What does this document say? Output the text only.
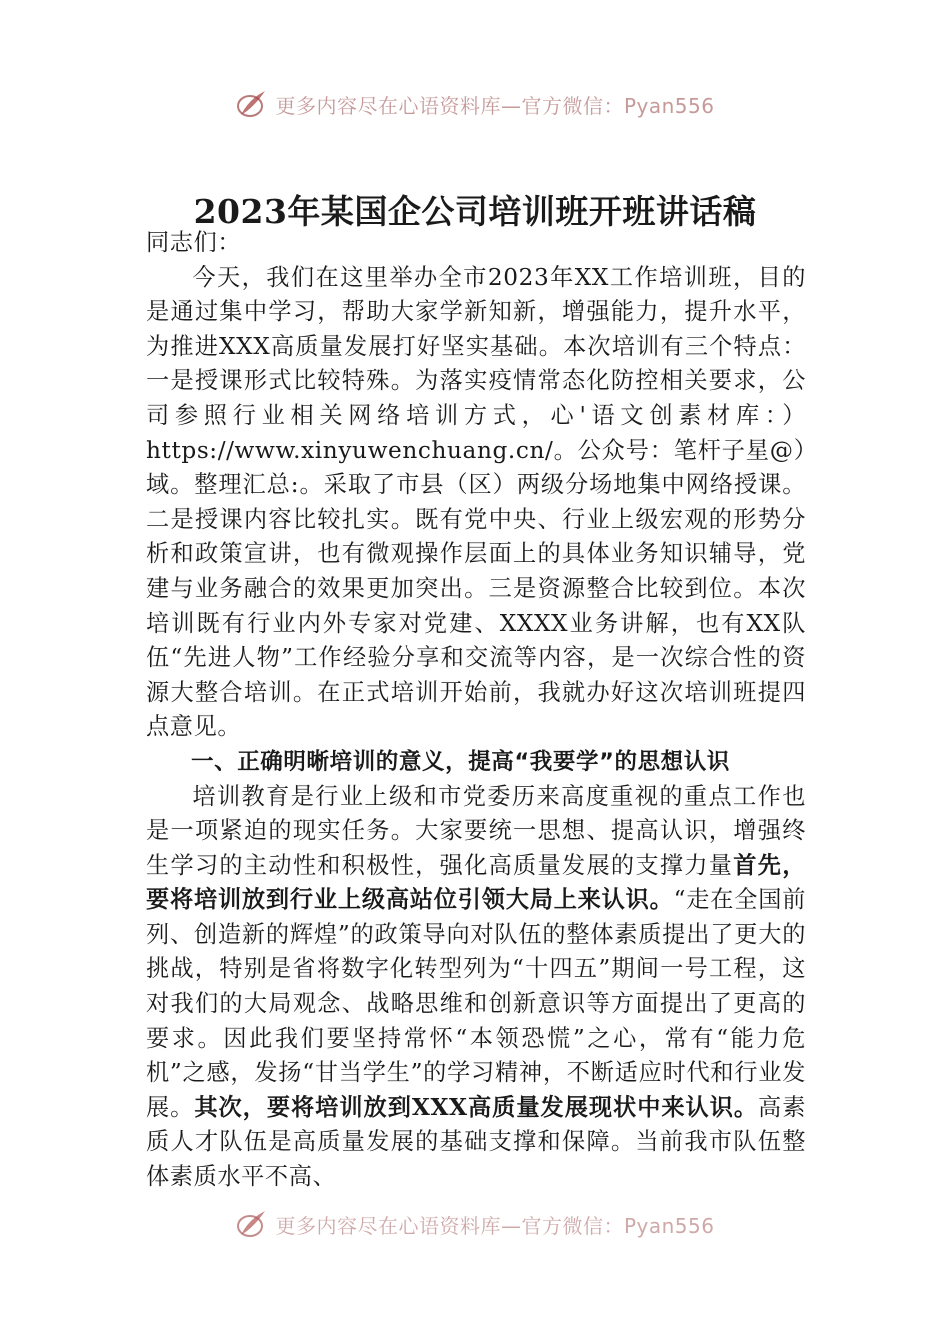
更多内容尽在心语资料库—官方微信：Pyan556
2023年某国企公司培训班开班讲话稿

同志们：

今天，我们在这里举办全市2023年XX工作培训班，目的是通过集中学习，帮助大家学新知新，增强能力，提升水平，为推进XXX高质量发展打好坚实基础。本次培训有三个特点：一是授课形式比较特殊。为落实疫情常态化防控相关要求，公司参照行业相关网络培训方式，心'语文创素材库：）https://www.xinyuwenchuang.cn/。公众号：笔杆子星@）域。整理汇总:。采取了市县（区）两级分场地集中网络授课。二是授课内容比较扎实。既有党中央、行业上级宏观的形势分析和政策宣讲，也有微观操作层面上的具体业务知识辅导，党建与业务融合的效果更加突出。三是资源整合比较到位。本次培训既有行业内外专家对党建、XXXX业务讲解，也有XX队伍“先进人物”工作经验分享和交流等内容，是一次综合性的资源大整合培训。在正式培训开始前，我就办好这次培训班提四点意见。

一、正确明晰培训的意义，提高“我要学”的思想认识

培训教育是行业上级和市党委历来高度重视的重点工作也是一项紧迫的现实任务。大家要统一思想、提高认识，增强终生学习的主动性和积极性，强化高质量发展的支撑力量首先，要将培训放到行业上级高站位引领大局上来认识。“走在全国前列、创造新的辉煌”的政策导向对队伍的整体素质提出了更大的挑战，特别是省将数字化转型列为“十四五”期间一号工程，这对我们的大局观念、战略思维和创新意识等方面提出了更高的要求。因此我们要坚持常怀“本领恐慌”之心，常有“能力危机”之感，发扬“甘当学生”的学习精神，不断适应时代和行业发展。其次，要将培训放到XXX高质量发展现状中来认识。高素质人才队伍是高质量发展的基础支撑和保障。当前我市队伍整体素质水平不高、

更多内容尽在心语资料库—官方微信：Pyan556
